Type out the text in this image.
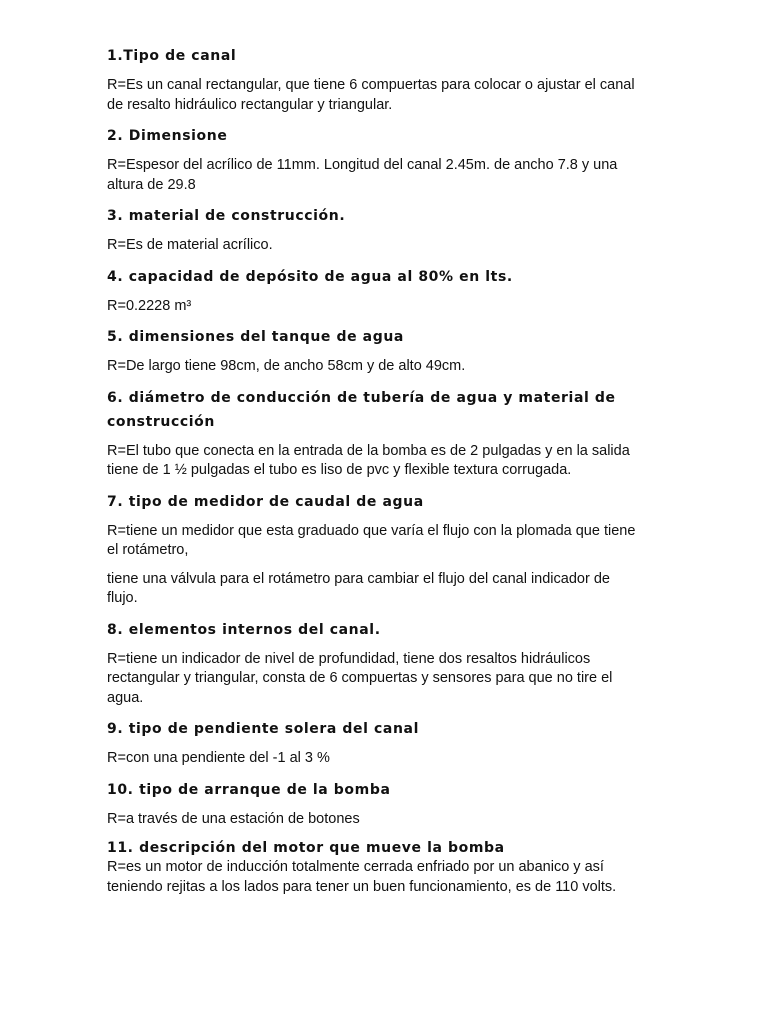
1.Tipo de canal

R=Es un canal rectangular, que tiene 6 compuertas para colocar o ajustar el canal
de resalto hidráulico rectangular y triangular.

2. Dimensione

R=Espesor del acrílico de 11mm. Longitud del canal 2.45m. de ancho 7.8 y una
altura de 29.8

3. material de construcción.

R=Es de material acrílico.

4. capacidad de depósito de agua al 80% en lts.

R=0.2228 m³

5. dimensiones del tanque de agua

R=De largo tiene 98cm, de ancho 58cm y de alto 49cm.

6. diámetro de conducción de tubería de agua y material de
construcción

R=El tubo que conecta en la entrada de la bomba es de 2 pulgadas y en la salida
tiene de 1 ½ pulgadas el tubo es liso de pvc y flexible textura corrugada.

7. tipo de medidor de caudal de agua

R=tiene un medidor que esta graduado que varía el flujo con la plomada que tiene
el rotámetro,

tiene una válvula para el rotámetro para cambiar el flujo del canal indicador de
flujo.

8. elementos internos del canal.

R=tiene un indicador de nivel de profundidad, tiene dos resaltos hidráulicos
rectangular y triangular, consta de 6 compuertas y sensores para que no tire el
agua.

9. tipo de pendiente solera del canal

R=con una pendiente del -1 al 3 %

10. tipo de arranque de la bomba

R=a través de una estación de botones

11. descripción del motor que mueve la bomba

R=es un motor de inducción totalmente cerrada enfriado por un abanico y así
teniendo rejitas a los lados para tener un buen funcionamiento, es de 110 volts.
